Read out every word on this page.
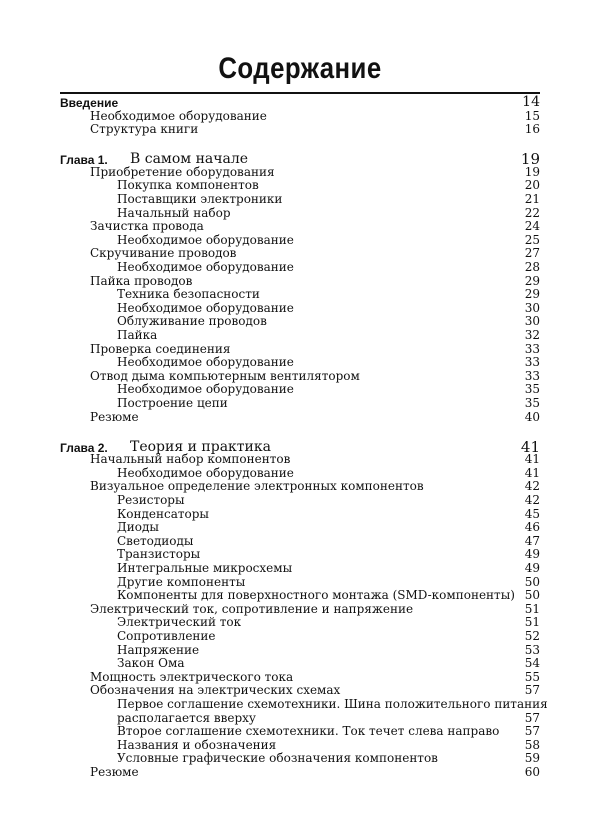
Содержание
Введение	14
Необходимое оборудование	15
Структура книги	16
Глава 1. В самом начале	19
Приобретение оборудования	19
Покупка компонентов	20
Поставщики электроники	21
Начальный набор	22
Зачистка провода	24
Необходимое оборудование	25
Скручивание проводов	27
Необходимое оборудование	28
Пайка проводов	29
Техника безопасности	29
Необходимое оборудование	30
Облуживание проводов	30
Пайка	32
Проверка соединения	33
Необходимое оборудование	33
Отвод дыма компьютерным вентилятором	33
Необходимое оборудование	35
Построение цепи	35
Резюме	40
Глава 2. Теория и практика	41
Начальный набор компонентов	41
Необходимое оборудование	41
Визуальное определение электронных компонентов	42
Резисторы	42
Конденсаторы	45
Диоды	46
Светодиоды	47
Транзисторы	49
Интегральные микросхемы	49
Другие компоненты	50
Компоненты для поверхностного монтажа (SMD-компоненты) 50
Электрический ток, сопротивление и напряжение	51
Электрический ток	51
Сопротивление	52
Напряжение	53
Закон Ома	54
Мощность электрического тока	55
Обозначения на электрических схемах	57
Первое соглашение схемотехники. Шина положительного питания
располагается вверху	57
Второе соглашение схемотехники. Ток течет слева направо 57
Названия и обозначения	58
Условные графические обозначения компонентов	59
Резюме	60
